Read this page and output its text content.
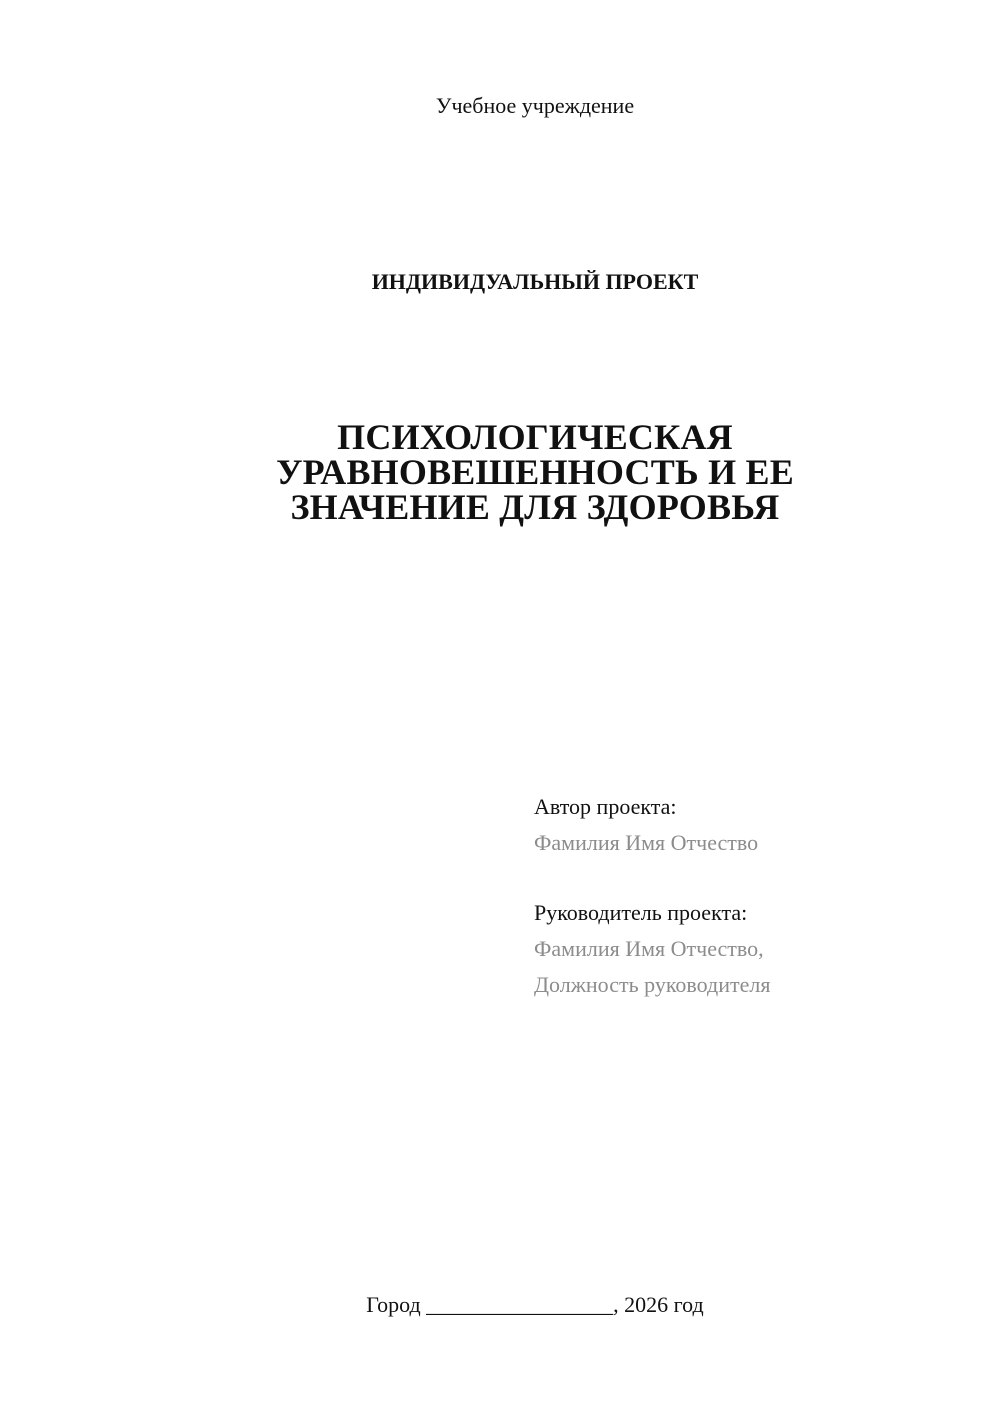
Учебное учреждение
ИНДИВИДУАЛЬНЫЙ ПРОЕКТ
ПСИХОЛОГИЧЕСКАЯ
УРАВНОВЕШЕННОСТЬ И ЕЕ
ЗНАЧЕНИЕ ДЛЯ ЗДОРОВЬЯ
Автор проекта:
Фамилия Имя Отчество
Руководитель проекта:
Фамилия Имя Отчество,
Должность руководителя
Город _________________, 2026 год
